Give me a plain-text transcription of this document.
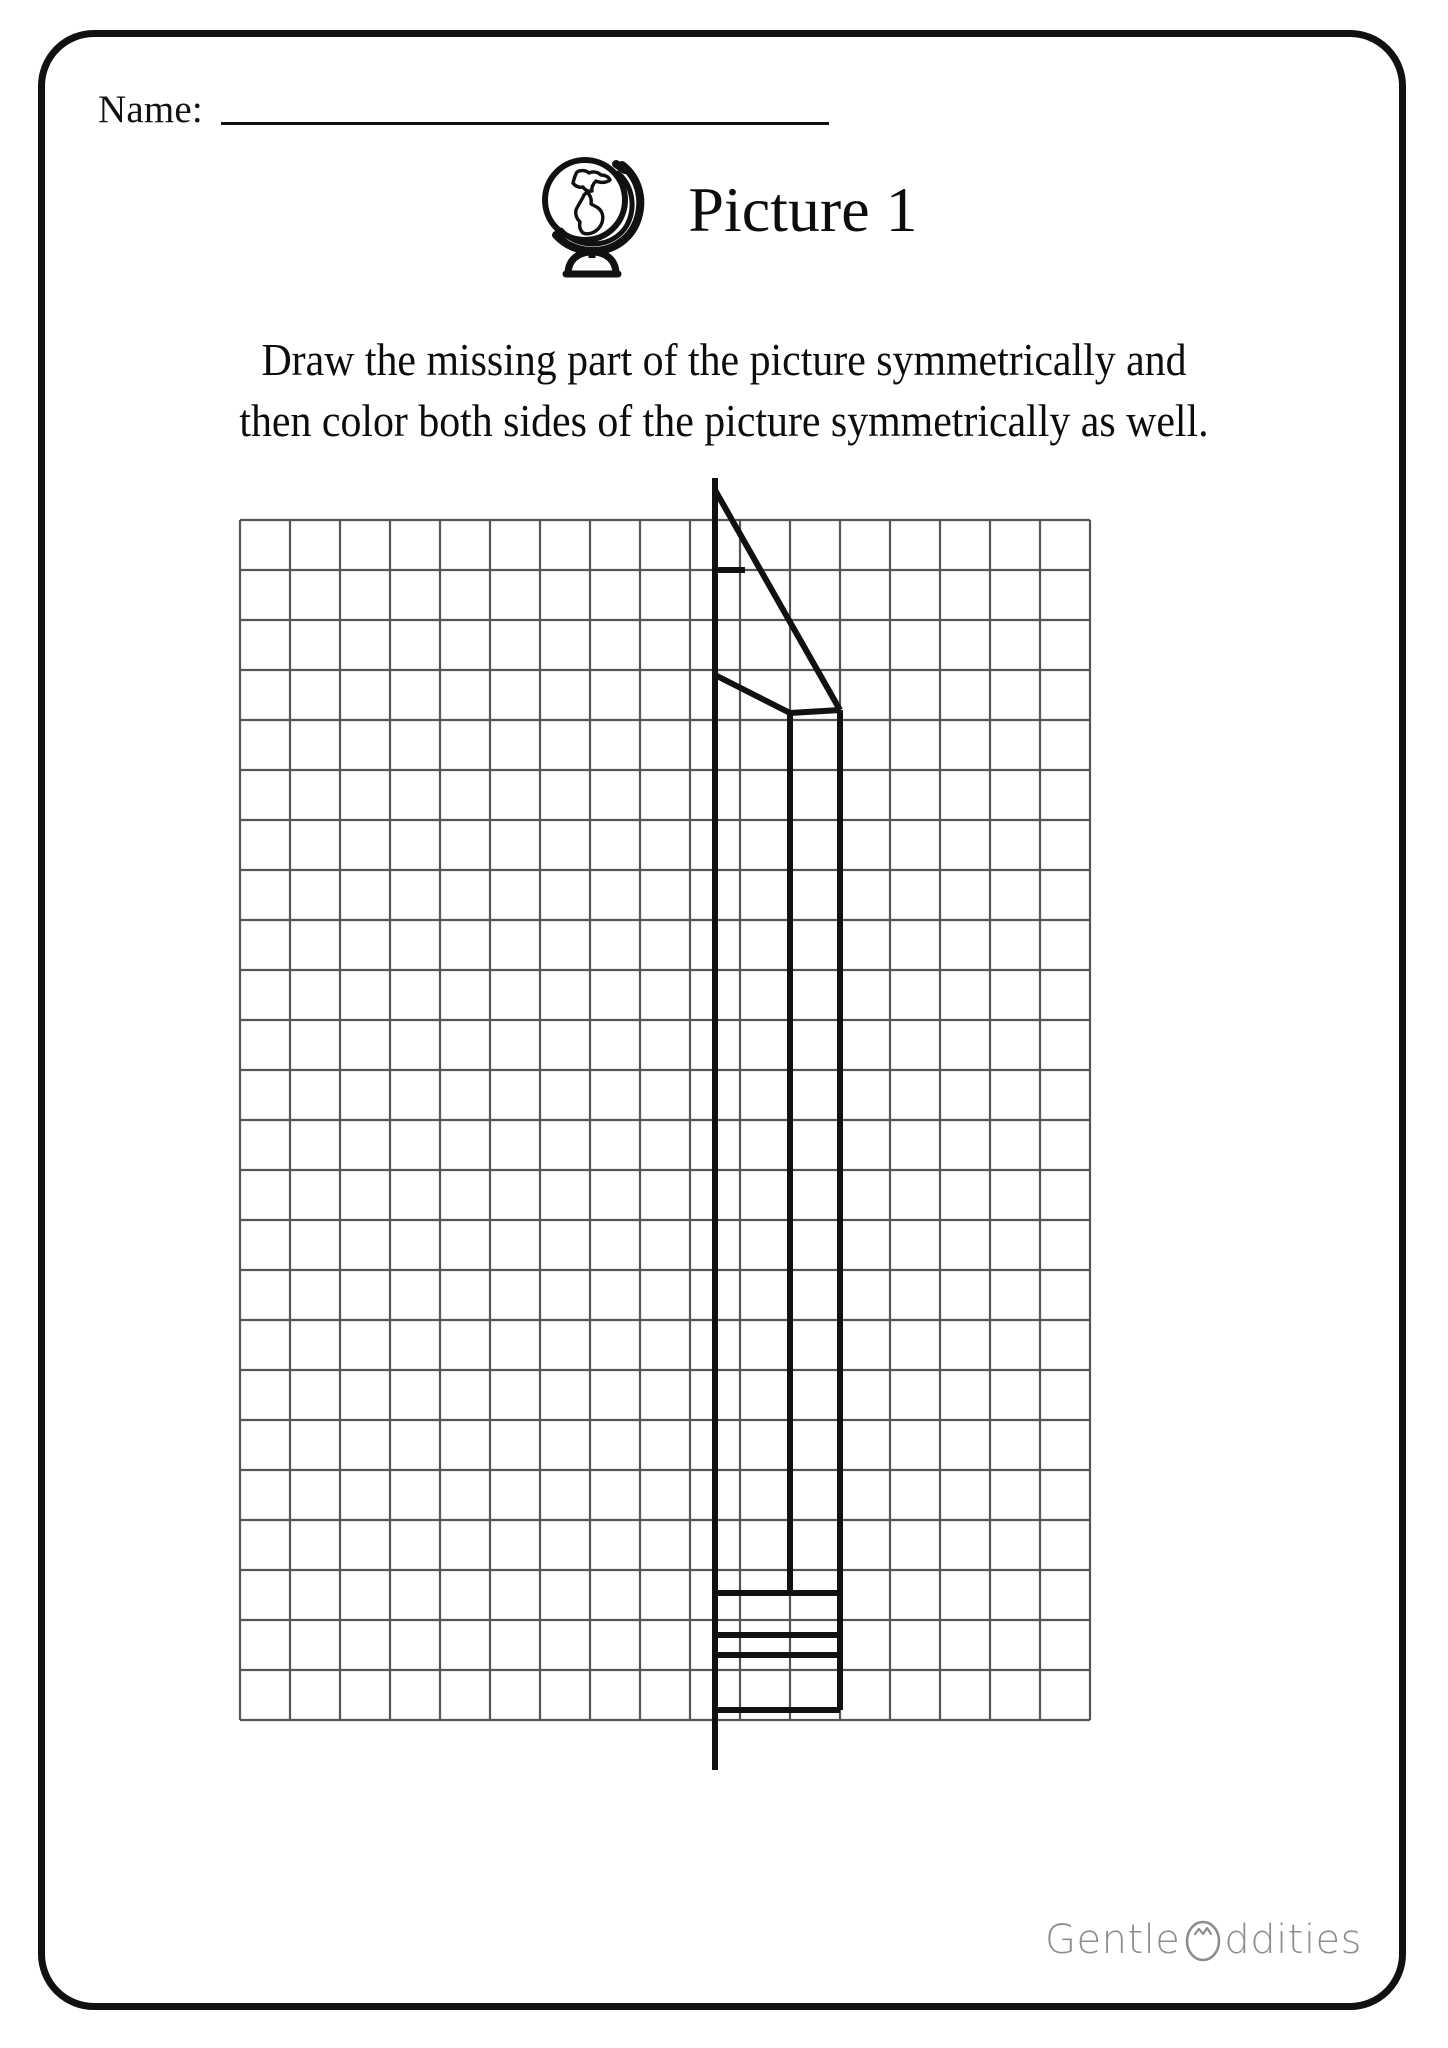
Name:
Picture 1
Draw the missing part of the picture symmetrically and
then color both sides of the picture symmetrically as well.
Gentle ddities
